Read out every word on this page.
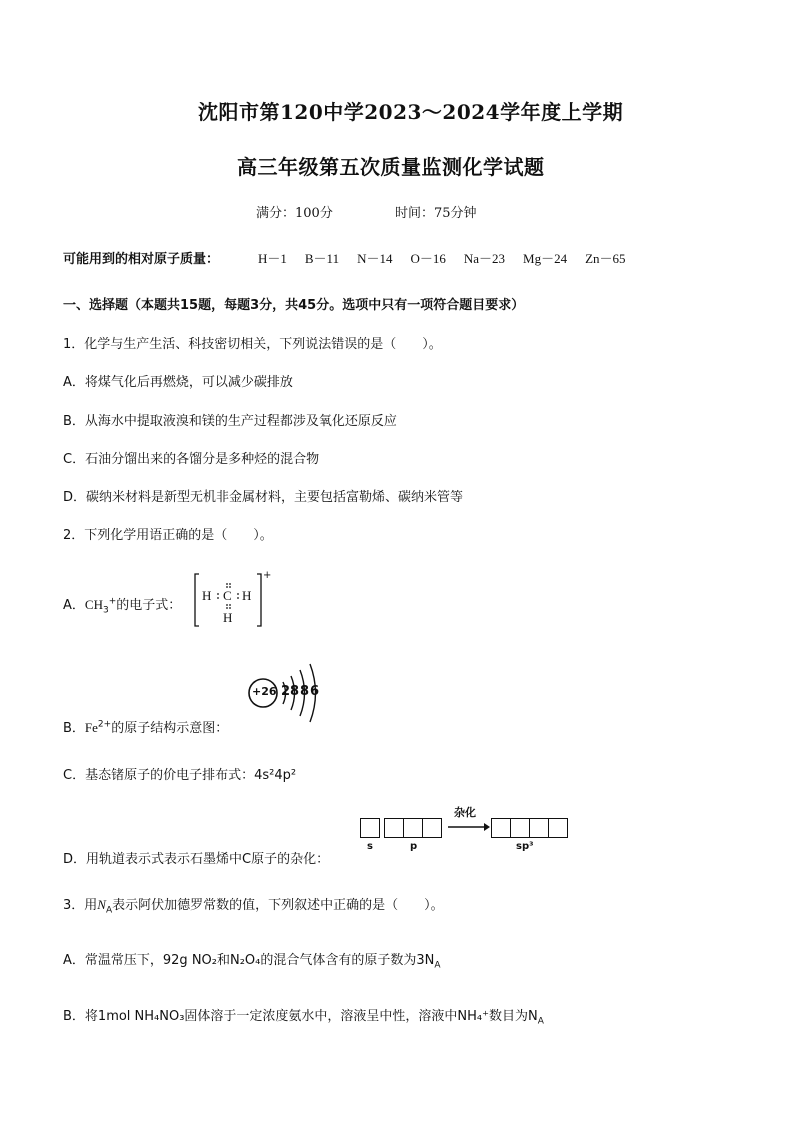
沈阳市第120中学2023～2024学年度上学期
高三年级第五次质量监测化学试题
满分：100分	时间：75分钟
可能用到的相对原子质量：	H－1 B－11 N－14 O－16 Na－23 Mg－24 Zn－65
一、选择题（本题共15题，每题3分，共45分。选项中只有一项符合题目要求）
1．化学与生产生活、科技密切相关，下列说法错误的是（　　）。
A．将煤气化后再燃烧，可以减少碳排放
B．从海水中提取液溴和镁的生产过程都涉及氧化还原反应
C．石油分馏出来的各馏分是多种烃的混合物
D．碳纳米材料是新型无机非金属材料，主要包括富勒烯、碳纳米管等
2．下列化学用语正确的是（　　）。
A．$CH_3^+$的电子式：
H C H
H
+
B．$Fe^{2+}$的原子结构示意图：
+26 2 8 8 6
C．基态锗原子的价电子排布式：4s²4p²
D．用轨道表示式表示石墨烯中C原子的杂化：
s	p
杂化
sp³
3．用$N_A$表示阿伏加德罗常数的值，下列叙述中正确的是（　　）。
A．常温常压下，92g NO₂和N₂O₄的混合气体含有的原子数为$3N_A$
B．将1mol NH₄NO₃固体溶于一定浓度氨水中，溶液呈中性，溶液中NH₄⁺数目为$N_A$
